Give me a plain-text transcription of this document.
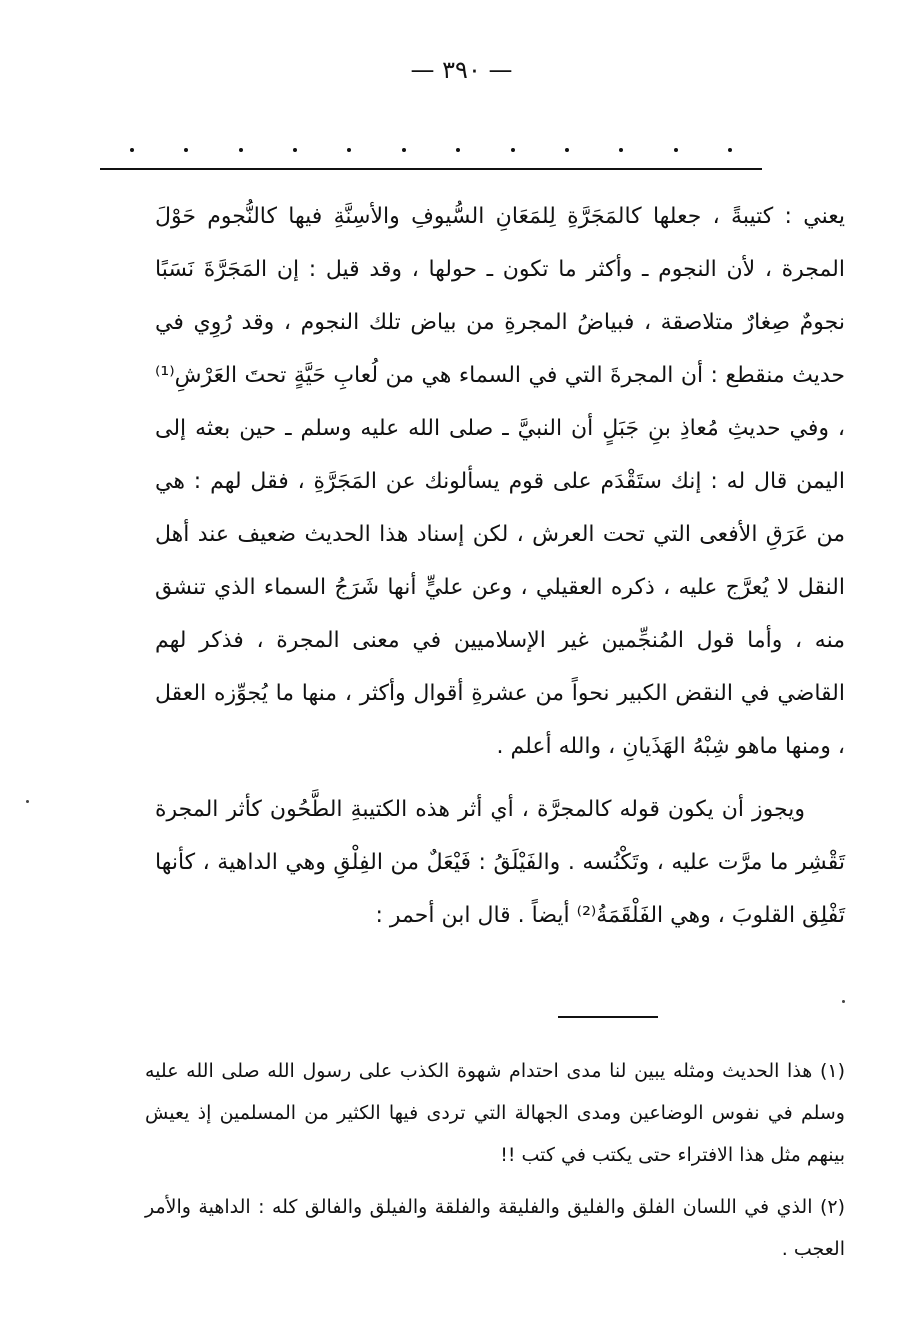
— ٣٩٠ —

يعني : كتيبةً ، جعلها كالمَجَرَّةِ لِلمَعَانِ السُّيوفِ والأسِنَّةِ فيها كالنُّجوم حَوْلَ المجرة ، لأن النجوم ـ وأكثر ما تكون ـ حولها ، وقد قيل : إن المَجَرَّةَ نَسَبًا نجومٌ صِغارٌ متلاصقة ، فبياضُ المجرةِ من بياض تلك النجوم ، وقد رُوِي في حديث منقطع : أن المجرةَ التي في السماء هي من لُعابِ حَيَّةٍ تحتَ العَرْشِ⁽¹⁾ ، وفي حديثِ مُعاذِ بنِ جَبَلٍ أن النبيَّ ـ صلى الله عليه وسلم ـ حين بعثه إلى اليمن قال له : إنك ستَقْدَم على قوم يسألونك عن المَجَرَّةِ ، فقل لهم : هي من عَرَقِ الأفعى التي تحت العرش ، لكن إسناد هذا الحديث ضعيف عند أهل النقل لا يُعرَّج عليه ، ذكره العقيلي ، وعن عليٍّ أنها شَرَجُ السماء الذي تنشق منه ، وأما قول المُنجِّمين غير الإسلاميين في معنى المجرة ، فذكر لهم القاضي في النقض الكبير نحواً من عشرةِ أقوال وأكثر ، منها ما يُجوِّزه العقل ، ومنها ماهو شِبْهُ الهَذَيانِ ، والله أعلم .

ويجوز أن يكون قوله كالمجرَّة ، أي أثر هذه الكتيبةِ الطَّحُون كأثر المجرة تَقْشِر ما مرَّت عليه ، وتَكْنُسه . والفَيْلَقُ : فَيْعَلٌ من الفِلْقِ وهي الداهية ، كأنها تَفْلِق القلوبَ ، وهي الفَلْقَمَةُ⁽²⁾ أيضاً . قال ابن أحمر :

(١) هذا الحديث ومثله يبين لنا مدى احتدام شهوة الكذب على رسول الله صلى الله عليه وسلم في نفوس الوضاعين ومدى الجهالة التي تردى فيها الكثير من المسلمين إذ يعيش بينهم مثل هذا الافتراء حتى يكتب في كتب !!

(٢) الذي في اللسان الفلق والفليق والفليقة والفلقة والفيلق والفالق كله : الداهية والأمر العجب .
